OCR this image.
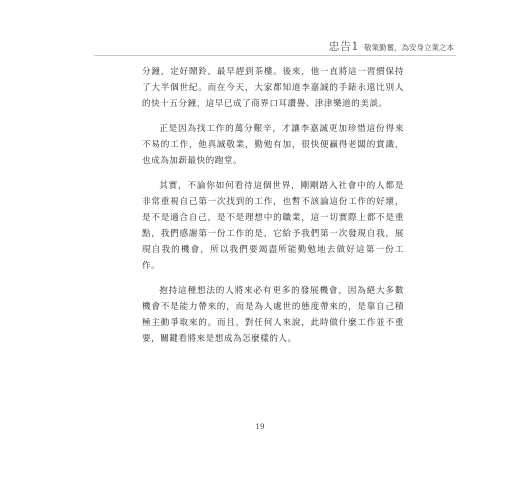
忠告1 敬業勤奮，為安身立業之本

分鐘，定好鬧鈴，最早趕到茶樓。後來，他一直將這一習慣保持了大半個世紀。而在今天，大家都知道李嘉誠的手錶永遠比別人的快十五分鐘，這早已成了商界口耳讚譽、津津樂道的美談。

正是因為找工作的萬分艱辛，才讓李嘉誠更加珍惜這份得來不易的工作，他真誠敬業，勤勉有加，很快便贏得老闆的賞識，也成為加薪最快的跑堂。

其實，不論你如何看待這個世界，剛剛踏入社會中的人都是非常重視自己第一次找到的工作，也暫不該論這份工作的好壞，是不是適合自己，是不是理想中的職業，這一切實際上都不是重點，我們感謝第一份工作的是，它給予我們第一次發現自我，展現自我的機會，所以我們要竭盡所能勤勉地去做好這第一份工作。

抱持這種想法的人將來必有更多的發展機會，因為絕大多數機會不是能力帶來的，而是為人處世的態度帶來的，是靠自己積極主動爭取來的。而且，對任何人來說，此時做什麼工作並不重要，關鍵看將來是想成為怎麼樣的人。

19
